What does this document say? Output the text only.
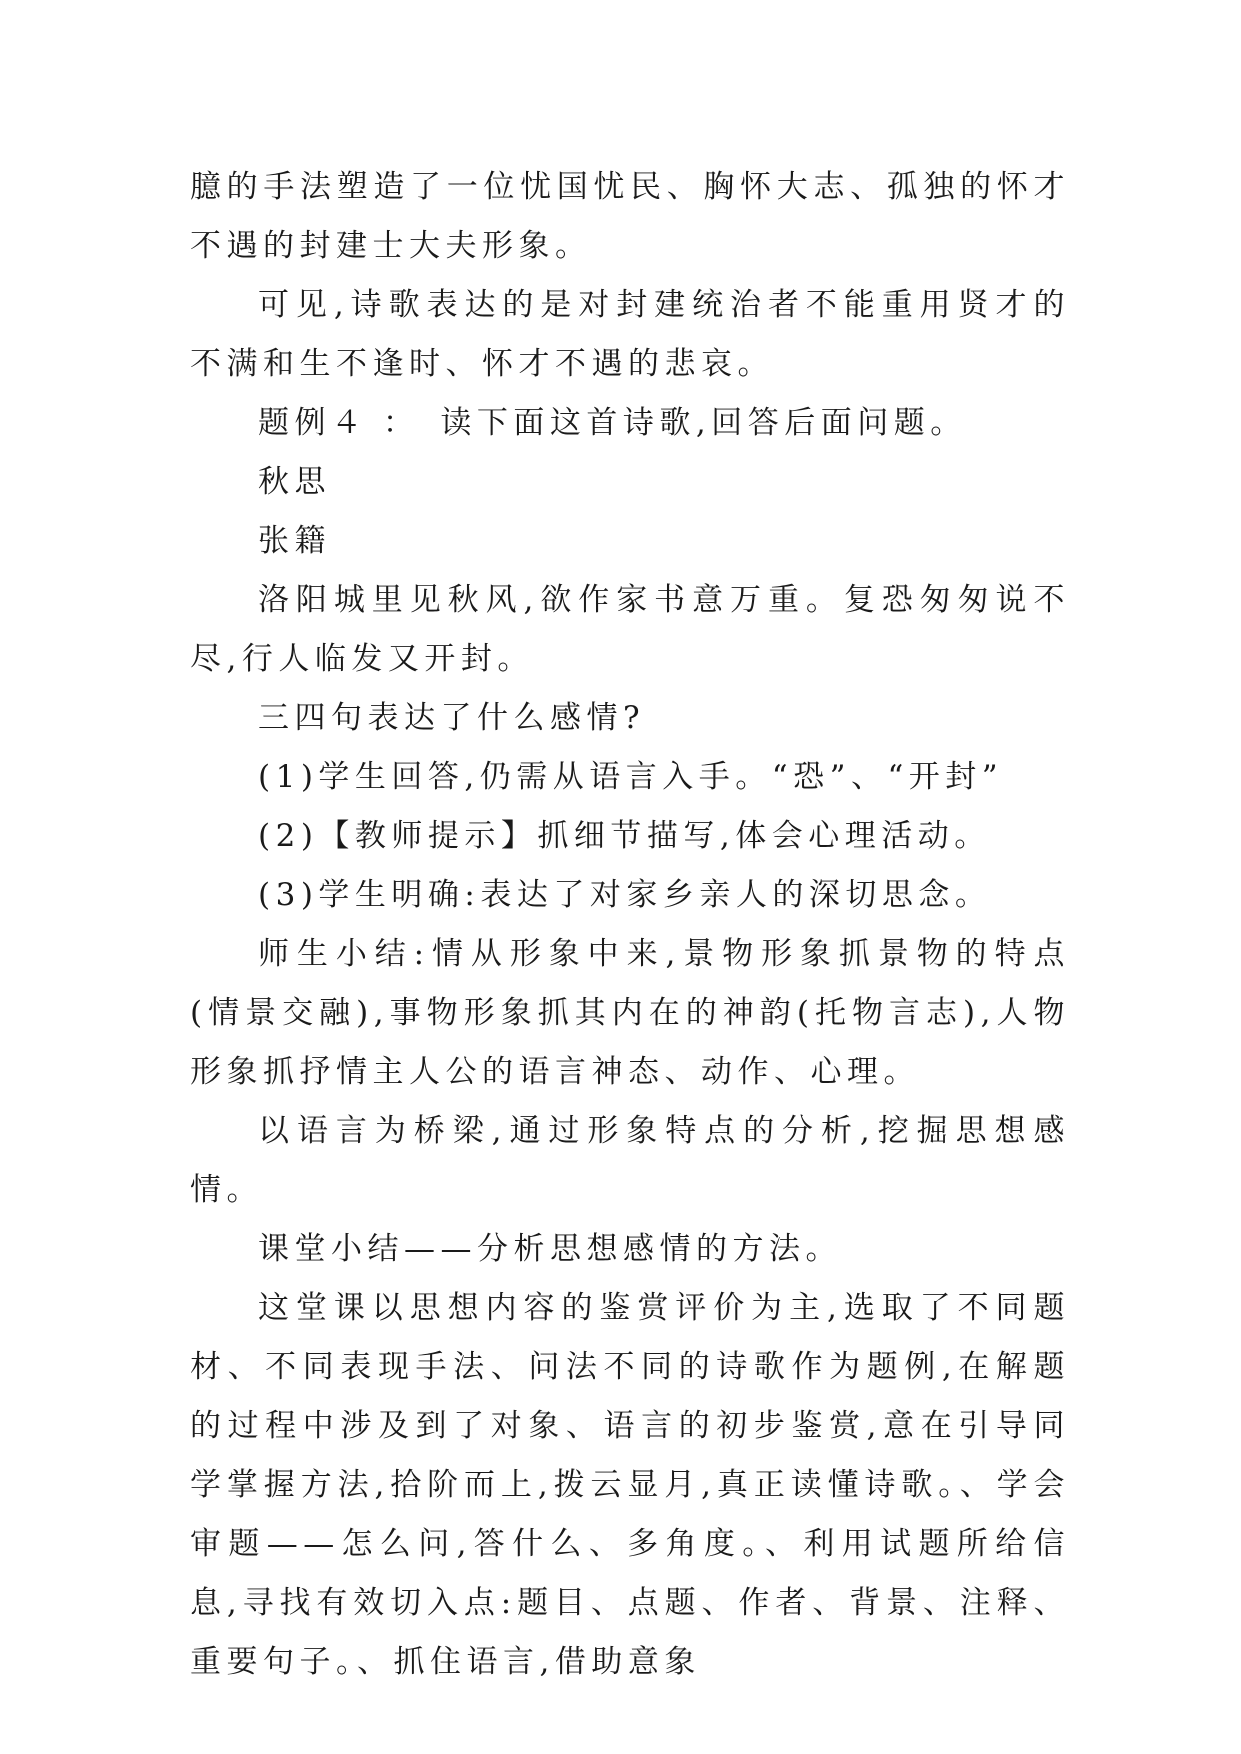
臆的手法塑造了一位忧国忧民、胸怀大志、孤独的怀才不遇的封建士大夫形象。

可见,诗歌表达的是对封建统治者不能重用贤才的不满和生不逢时、怀才不遇的悲哀。

题例４ ：　读下面这首诗歌,回答后面问题。

秋思

张籍

洛阳城里见秋风,欲作家书意万重。复恐匆匆说不尽,行人临发又开封。

三四句表达了什么感情?

(1)学生回答,仍需从语言入手。“恐”、“开封”

(2)【教师提示】抓细节描写,体会心理活动。

(3)学生明确:表达了对家乡亲人的深切思念。

师生小结:情从形象中来,景物形象抓景物的特点(情景交融),事物形象抓其内在的神韵(托物言志),人物形象抓抒情主人公的语言神态、动作、心理。

以语言为桥梁,通过形象特点的分析,挖掘思想感情。

课堂小结——分析思想感情的方法。

这堂课以思想内容的鉴赏评价为主,选取了不同题材、不同表现手法、问法不同的诗歌作为题例,在解题的过程中涉及到了对象、语言的初步鉴赏,意在引导同学掌握方法,拾阶而上,拨云显月,真正读懂诗歌。、学会审题——怎么问,答什么、多角度。、利用试题所给信息,寻找有效切入点:题目、点题、作者、背景、注释、重要句子。、抓住语言,借助意象
